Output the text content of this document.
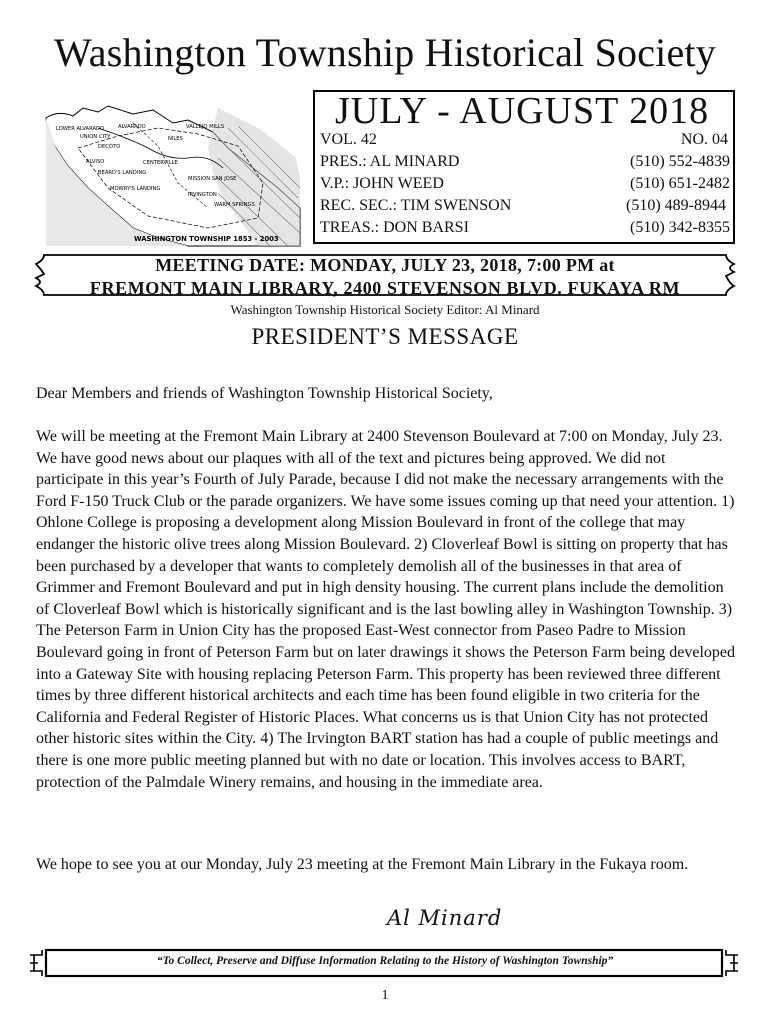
Washington Township Historical Society
ALVARADO
UNION CITY
DECOTO
LOWER ALVARADO
ALVISO	CENTERVILLE
BEARD'S LANDING
MISSION SAN JOSE
MOWRY'S LANDING
VALLEJO MILLS
NILES
WARM SPRINGS
IRVINGTON
WASHINGTON TOWNSHIP 1853 - 2003
JULY - AUGUST 2018
VOL. 42	NO. 04
PRES.: AL MINARD	(510) 552-4839
V.P.: JOHN WEED	(510) 651-2482
REC. SEC.: TIM SWENSON	(510) 489-8944
TREAS.: DON BARSI	(510) 342-8355
MEETING DATE: MONDAY, JULY 23, 2018, 7:00 PM at
FREMONT MAIN LIBRARY, 2400 STEVENSON BLVD. FUKAYA RM
Washington Township Historical Society Editor: Al Minard
PRESIDENT’S MESSAGE
Dear Members and friends of Washington Township Historical Society,

We will be meeting at the Fremont Main Library at 2400 Stevenson Boulevard at 7:00 on Monday, July 23. We have good news about our plaques with all of the text and pictures being approved. We did not participate in this year’s Fourth of July Parade, because I did not make the necessary arrangements with the Ford F-150 Truck Club or the parade organizers. We have some issues coming up that need your attention. 1) Ohlone College is proposing a development along Mission Boulevard in front of the college that may endanger the historic olive trees along Mission Boulevard. 2) Cloverleaf Bowl is sitting on property that has been purchased by a developer that wants to completely demolish all of the businesses in that area of Grimmer and Fremont Boulevard and put in high density housing. The current plans include the demolition of Cloverleaf Bowl which is historically significant and is the last bowling alley in Washington Township. 3) The Peterson Farm in Union City has the proposed East-West connector from Paseo Padre to Mission Boulevard going in front of Peterson Farm but on later drawings it shows the Peterson Farm being developed into a Gateway Site with housing replacing Peterson Farm. This property has been reviewed three different times by three different historical architects and each time has been found eligible in two criteria for the California and Federal Register of Historic Places. What concerns us is that Union City has not protected other historic sites within the City. 4) The Irvington BART station has had a couple of public meetings and there is one more public meeting planned but with no date or location. This involves access to BART, protection of the Palmdale Winery remains, and housing in the immediate area.

We hope to see you at our Monday, July 23 meeting at the Fremont Main Library in the Fukaya room.

Al Minard
“To Collect, Preserve and Diffuse Information Relating to the History of Washington Township”
1
